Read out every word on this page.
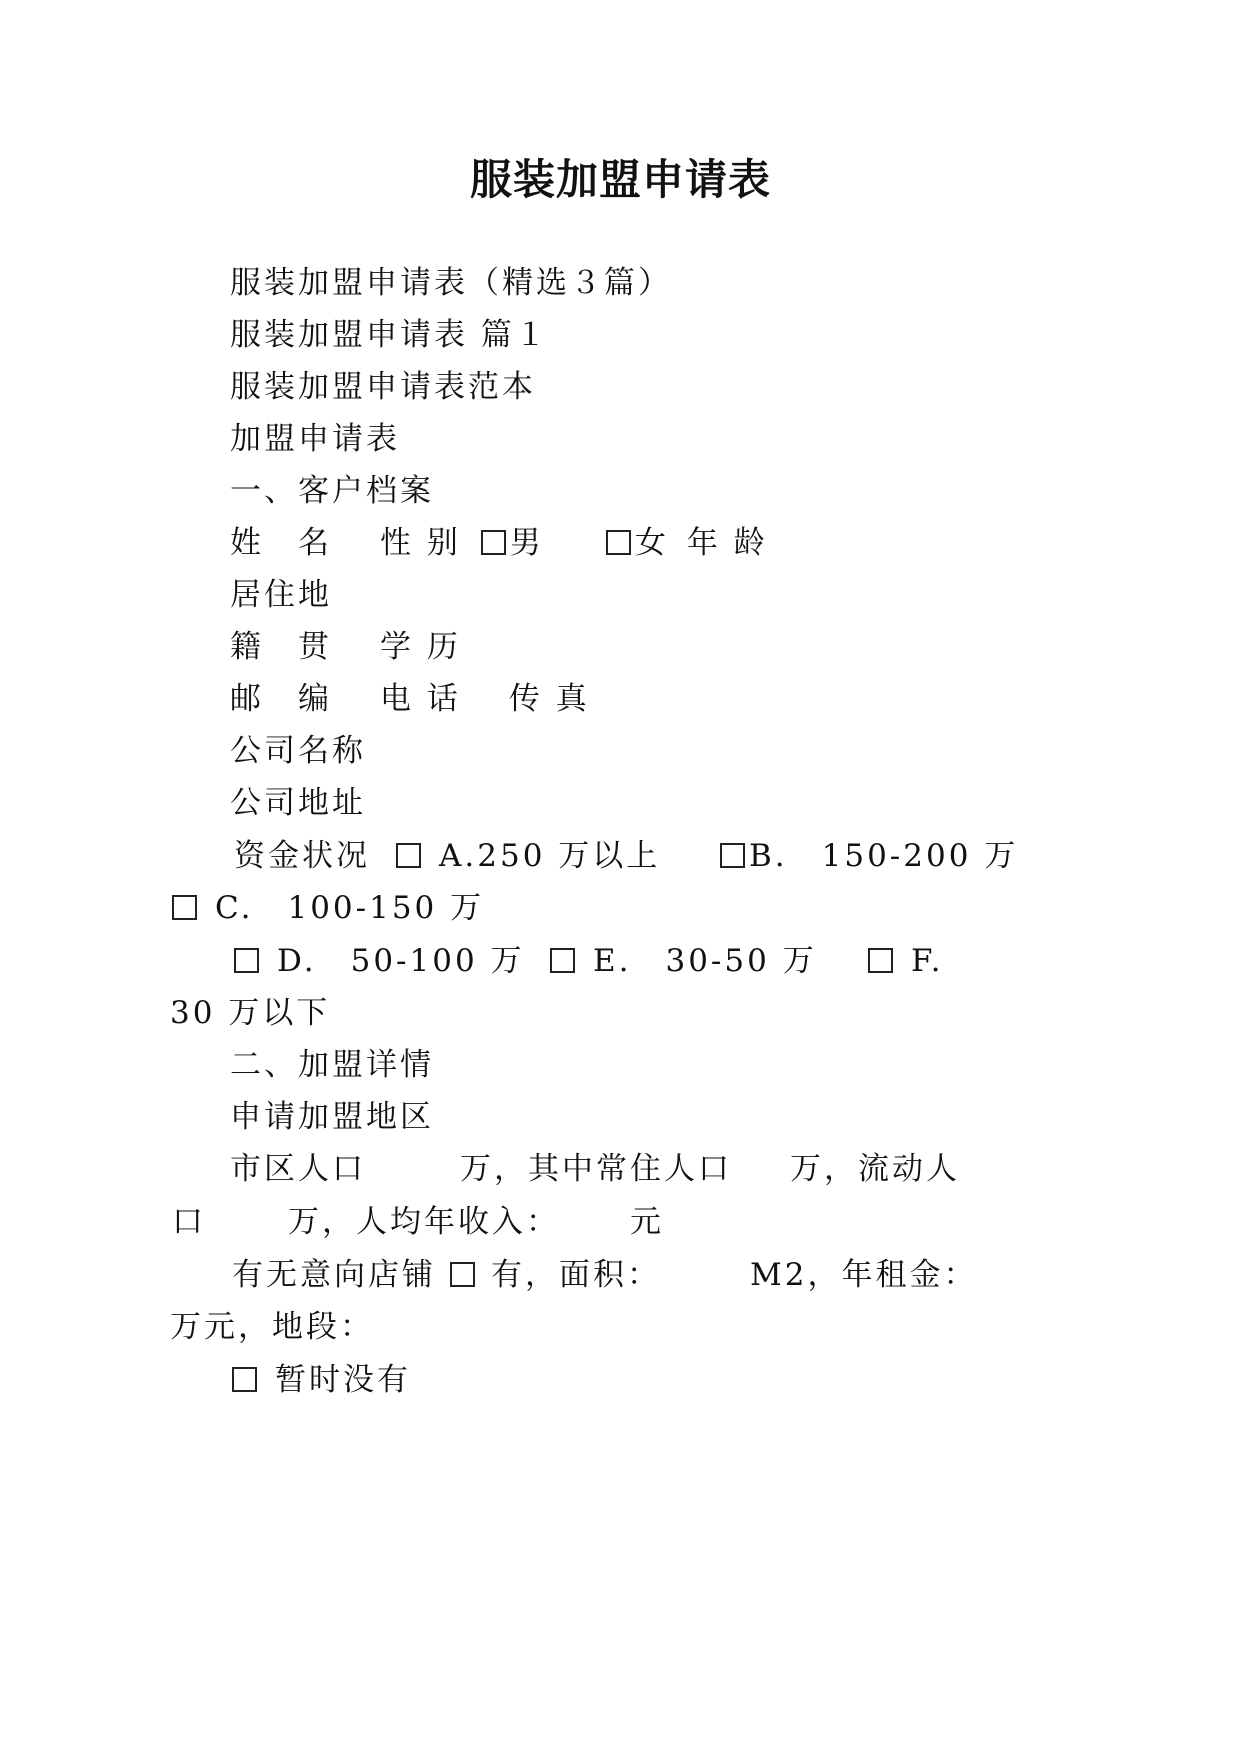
服装加盟申请表
服装加盟申请表（精选３篇）
服装加盟申请表 篇１
服装加盟申请表范本
加盟申请表
一、客户档案
姓　名 性 别 男	女 年 龄
居住地
籍　贯 学 历
邮　编 电 话 传 真
公司名称
公司地址
资金状况 A.250 万以上	B.　150-200 万
C.　100-150 万
D.　50-100 万	E.　30-50 万	F.
30 万以下
二、加盟详情
申请加盟地区
市区人口	万，其中常住人口 万，流动人
口	万，人均年收入： 元
有无意向店铺 有，面积：	M2，年租金：
万元，地段：
暂时没有
